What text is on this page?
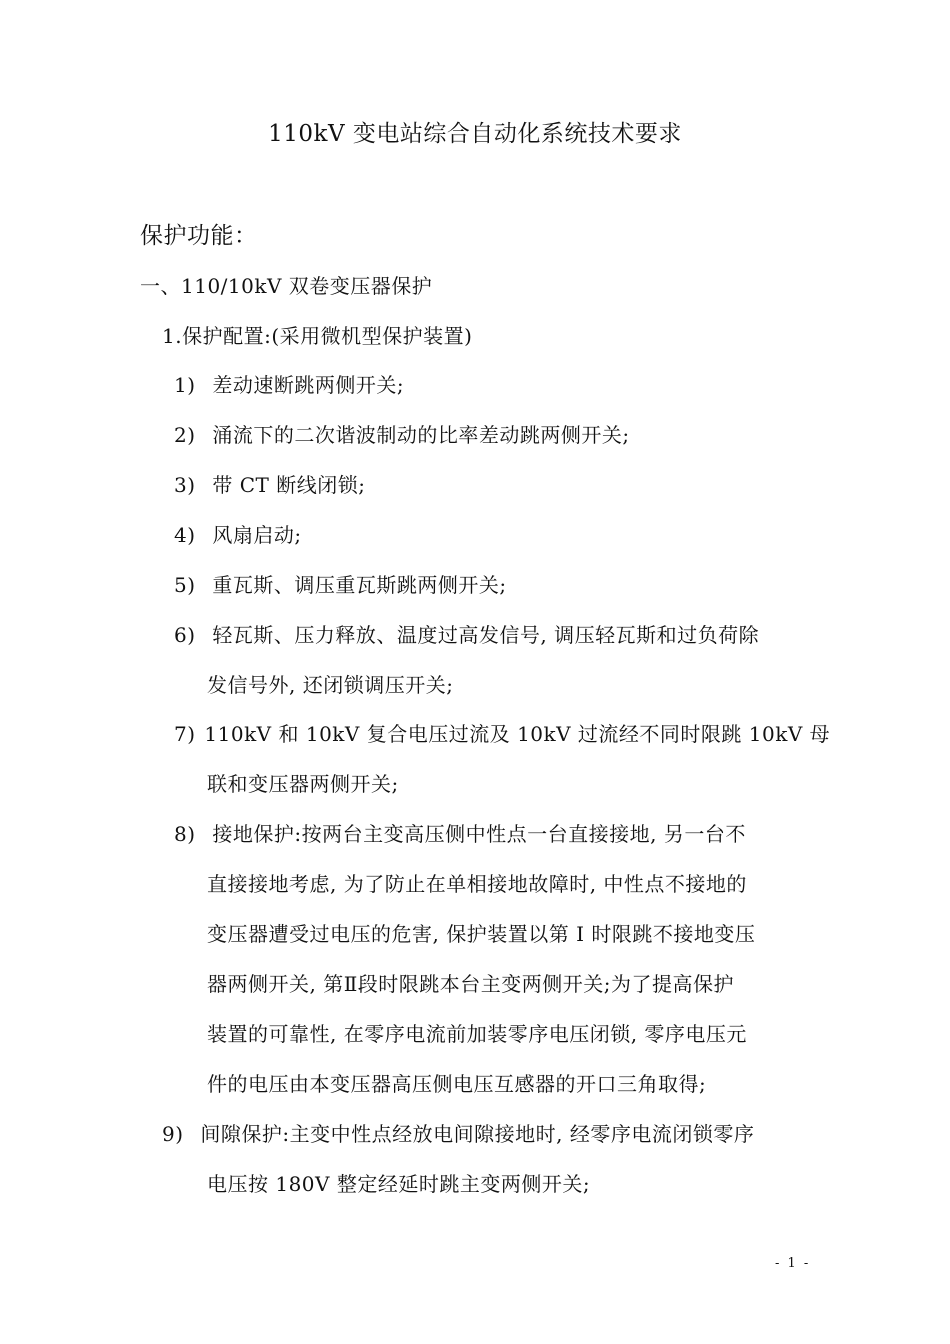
110kV 变电站综合自动化系统技术要求
保护功能：
一、110/10kV 双卷变压器保护
1.保护配置:(采用微机型保护装置)
1) 差动速断跳两侧开关;
2) 涌流下的二次谐波制动的比率差动跳两侧开关;
3) 带 CT 断线闭锁;
4) 风扇启动;
5) 重瓦斯、调压重瓦斯跳两侧开关;
6) 轻瓦斯、压力释放、温度过高发信号, 调压轻瓦斯和过负荷除
发信号外, 还闭锁调压开关;
7) 110kV 和 10kV 复合电压过流及 10kV 过流经不同时限跳 10kV 母
联和变压器两侧开关;
8) 接地保护:按两台主变高压侧中性点一台直接接地, 另一台不
直接接地考虑, 为了防止在单相接地故障时, 中性点不接地的
变压器遭受过电压的危害, 保护装置以第 I 时限跳不接地变压
器两侧开关, 第Ⅱ段时限跳本台主变两侧开关;为了提高保护
装置的可靠性, 在零序电流前加装零序电压闭锁, 零序电压元
件的电压由本变压器高压侧电压互感器的开口三角取得;
9) 间隙保护:主变中性点经放电间隙接地时, 经零序电流闭锁零序
电压按 180V 整定经延时跳主变两侧开关;
- 1 -
